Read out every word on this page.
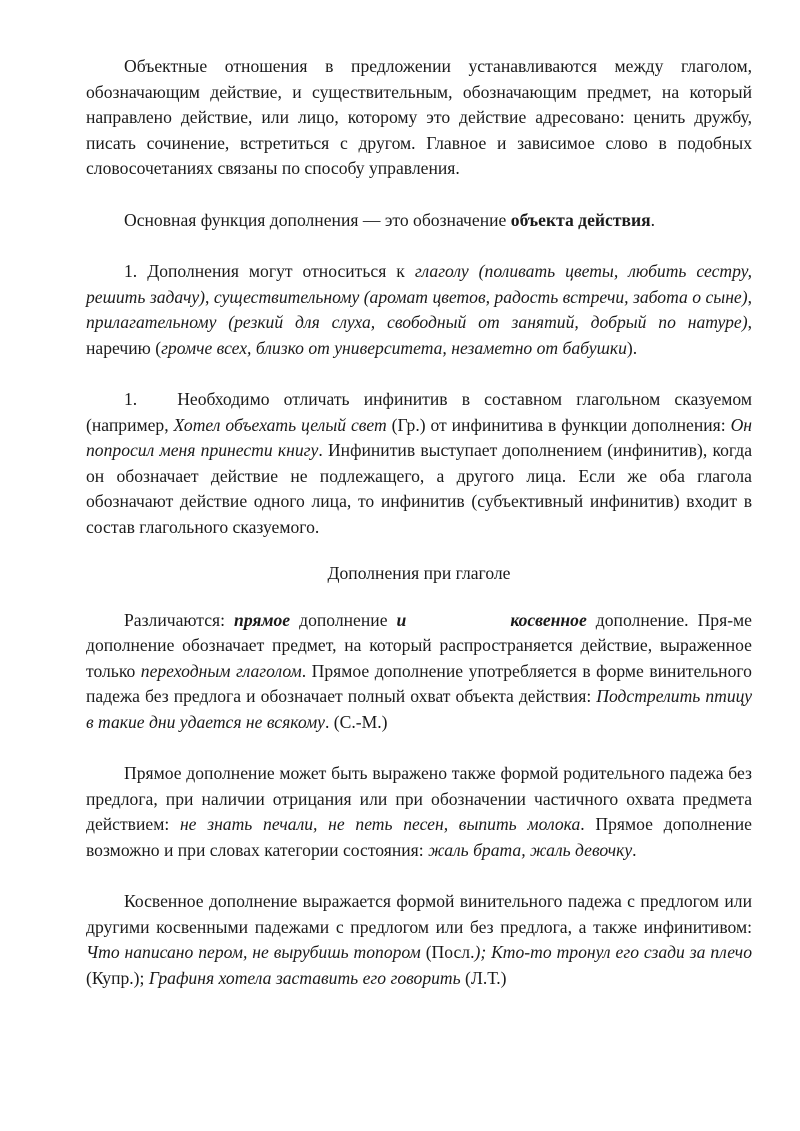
Объектные отношения в предложении устанавливаются между глаголом, обозначающим действие, и существительным, обозначающим предмет, на который направлено действие, или лицо, которому это действие адресовано: ценить дружбу, писать сочинение, встретиться с другом. Главное и зависимое слово в подобных словосочетаниях связаны по способу управления.

Основная функция дополнения — это обозначение объекта действия.

1. Дополнения могут относиться к глаголу (поливать цветы, любить сестру, решить задачу), существительному (аромат цветов, радость встречи, забота о сыне), прилагательному (резкий для слуха, свободный от занятий, добрый по натуре), наречию (громче всех, близко от университета, незаметно от бабушки).

1. Необходимо отличать инфинитив в составном глагольном сказуемом (например, Хотел объехать целый свет (Гр.) от инфинитива в функции дополнения: Он попросил меня принести книгу. Инфинитив выступает дополнением (инфинитив), когда он обозначает действие не подлежащего, а другого лица. Если же оба глагола обозначают действие одного лица, то инфинитив (субъективный инфинитив) входит в состав глагольного сказуемого.

Дополнения при глаголе

Различаются: прямое дополнение и	косвенное дополнение. Пря-ме дополнение обозначает предмет, на который распространяется действие, выраженное только переходным глаголом. Прямое дополнение употребляется в форме винительного падежа без предлога и обозначает полный охват объекта действия: Подстрелить птицу в такие дни удается не всякому. (С.-М.)

Прямое дополнение может быть выражено также формой родительного падежа без предлога, при наличии отрицания или при обозначении частичного охвата предмета действием: не знать печали, не петь песен, выпить молока. Прямое дополнение возможно и при словах категории состояния: жаль брата, жаль девочку.

Косвенное дополнение выражается формой винительного падежа с предлогом или другими косвенными падежами с предлогом или без предлога, а также инфинитивом: Что написано пером, не вырубишь топором (Посл.); Кто-то тронул его сзади за плечо (Купр.); Графиня хотела заставить его говорить (Л.Т.)
